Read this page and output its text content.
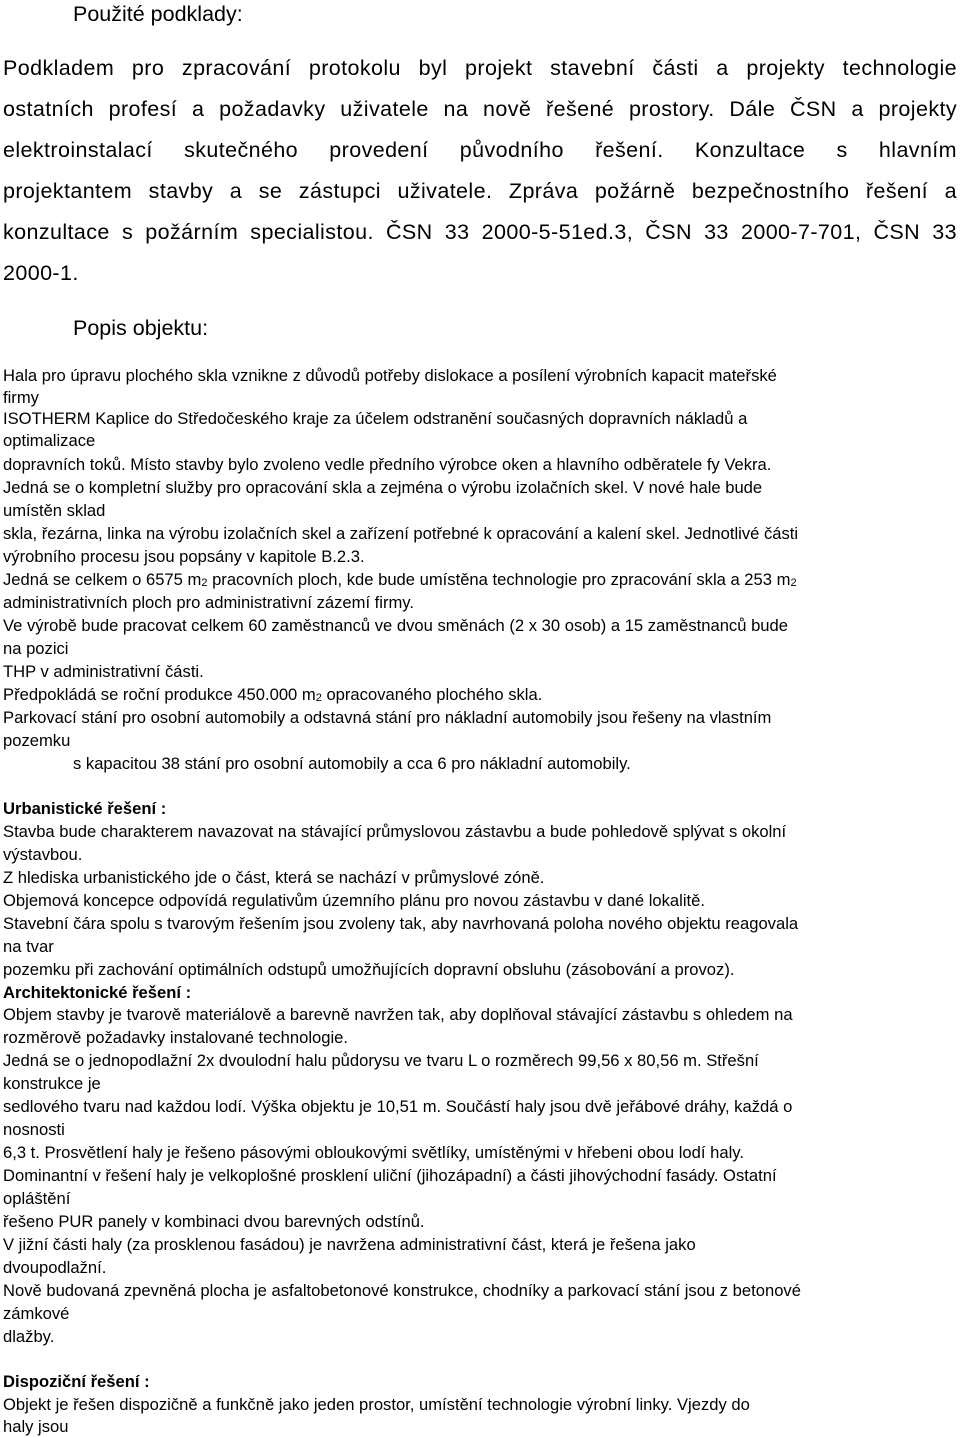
Použité podklady:
Podkladem pro zpracování protokolu byl projekt stavební části a projekty technologie
ostatních profesí a požadavky uživatele na nově řešené prostory. Dále ČSN a projekty
elektroinstalací skutečného provedení původního řešení. Konzultace s hlavním
projektantem stavby a se zástupci uživatele. Zpráva požárně bezpečnostního řešení a
konzultace s požárním specialistou. ČSN 33 2000-5-51ed.3, ČSN 33 2000-7-701, ČSN 33
2000-1.
Popis objektu:
Hala pro úpravu plochého skla vznikne z důvodů potřeby dislokace a posílení výrobních kapacit mateřské
firmy
ISOTHERM Kaplice do Středočeského kraje za účelem odstranění současných dopravních nákladů a
optimalizace
dopravních toků. Místo stavby bylo zvoleno vedle předního výrobce oken a hlavního odběratele fy Vekra.
Jedná se o kompletní služby pro opracování skla a zejména o výrobu izolačních skel. V nové hale bude
umístěn sklad
skla, řezárna, linka na výrobu izolačních skel a zařízení potřebné k opracování a kalení skel. Jednotlivé části
výrobního procesu jsou popsány v kapitole B.2.3.
Jedná se celkem o 6575 $m_2$ pracovních ploch, kde bude umístěna technologie pro zpracování skla a 253 $m_2$
administrativních ploch pro administrativní zázemí firmy.
Ve výrobě bude pracovat celkem 60 zaměstnanců ve dvou směnách (2 x 30 osob) a 15 zaměstnanců bude
na pozici
THP v administrativní části.
Předpokládá se roční produkce 450.000 $m_2$ opracovaného plochého skla.
Parkovací stání pro osobní automobily a odstavná stání pro nákladní automobily jsou řešeny na vlastním
pozemku
s kapacitou 38 stání pro osobní automobily a cca 6 pro nákladní automobily.
Urbanistické řešení :
Stavba bude charakterem navazovat na stávající průmyslovou zástavbu a bude pohledově splývat s okolní
výstavbou.
Z hlediska urbanistického jde o část, která se nachází v průmyslové zóně.
Objemová koncepce odpovídá regulativům územního plánu pro novou zástavbu v dané lokalitě.
Stavební čára spolu s tvarovým řešením jsou zvoleny tak, aby navrhovaná poloha nového objektu reagovala
na tvar
pozemku při zachování optimálních odstupů umožňujících dopravní obsluhu (zásobování a provoz).
Architektonické řešení :
Objem stavby je tvarově materiálově a barevně navržen tak, aby doplňoval stávající zástavbu s ohledem na
rozměrově požadavky instalované technologie.
Jedná se o jednopodlažní 2x dvoulodní halu půdorysu ve tvaru L o rozměrech 99,56 x 80,56 m. Střešní
konstrukce je
sedlového tvaru nad každou lodí. Výška objektu je 10,51 m. Součástí haly jsou dvě jeřábové dráhy, každá o
nosnosti
6,3 t. Prosvětlení haly je řešeno pásovými obloukovými světlíky, umístěnými v hřebeni obou lodí haly.
Dominantní v řešení haly je velkoplošné prosklení uliční (jihozápadní) a části jihovýchodní fasády. Ostatní
opláštění
řešeno PUR panely v kombinaci dvou barevných odstínů.
V jižní části haly (za prosklenou fasádou) je navržena administrativní část, která je řešena jako
dvoupodlažní.
Nově budovaná zpevněná plocha je asfaltobetonové konstrukce, chodníky a parkovací stání jsou z betonové
zámkové
dlažby.
Dispoziční řešení :
Objekt je řešen dispozičně a funkčně jako jeden prostor, umístění technologie výrobní linky. Vjezdy do
haly jsou
